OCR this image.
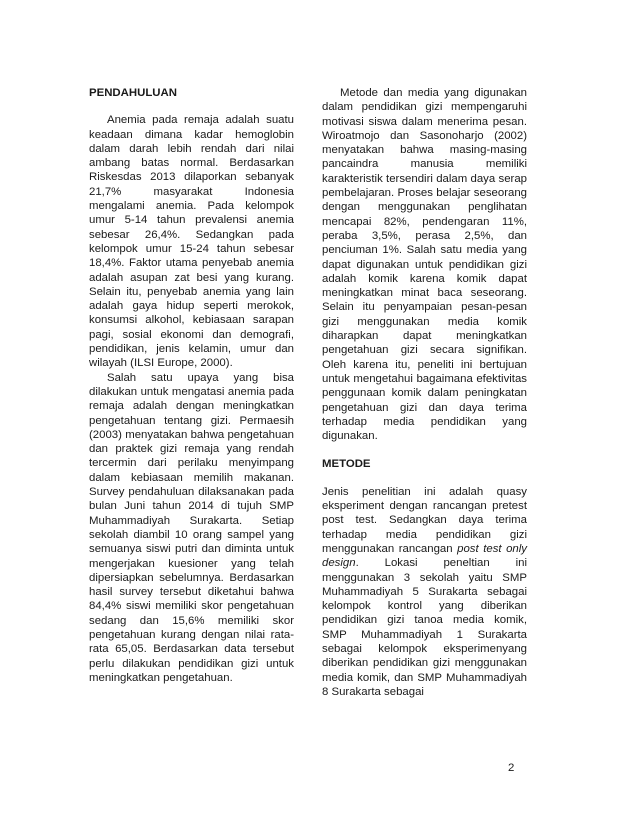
PENDAHULUAN

Anemia pada remaja adalah suatu keadaan dimana kadar hemoglobin dalam darah lebih rendah dari nilai ambang batas normal. Berdasarkan Riskesdas 2013 dilaporkan sebanyak 21,7% masyarakat Indonesia mengalami anemia. Pada kelompok umur 5-14 tahun prevalensi anemia sebesar 26,4%. Sedangkan pada kelompok umur 15-24 tahun sebesar 18,4%. Faktor utama penyebab anemia adalah asupan zat besi yang kurang. Selain itu, penyebab anemia yang lain adalah gaya hidup seperti merokok, konsumsi alkohol, kebiasaan sarapan pagi, sosial ekonomi dan demografi, pendidikan, jenis kelamin, umur dan wilayah (ILSI Europe, 2000).

Salah satu upaya yang bisa dilakukan untuk mengatasi anemia pada remaja adalah dengan meningkatkan pengetahuan tentang gizi. Permaesih (2003) menyatakan bahwa pengetahuan dan praktek gizi remaja yang rendah tercermin dari perilaku menyimpang dalam kebiasaan memilih makanan. Survey pendahuluan dilaksanakan pada bulan Juni tahun 2014 di tujuh SMP Muhammadiyah Surakarta. Setiap sekolah diambil 10 orang sampel yang semuanya siswi putri dan diminta untuk mengerjakan kuesioner yang telah dipersiapkan sebelumnya. Berdasarkan hasil survey tersebut diketahui bahwa 84,4% siswi memiliki skor pengetahuan sedang dan 15,6% memiliki skor pengetahuan kurang dengan nilai rata-rata 65,05. Berdasarkan data tersebut perlu dilakukan pendidikan gizi untuk meningkatkan pengetahuan.

Metode dan media yang digunakan dalam pendidikan gizi mempengaruhi motivasi siswa dalam menerima pesan. Wiroatmojo dan Sasonoharjo (2002) menyatakan bahwa masing-masing pancaindra manusia memiliki karakteristik tersendiri dalam daya serap pembelajaran. Proses belajar seseorang dengan menggunakan penglihatan mencapai 82%, pendengaran 11%, peraba 3,5%, perasa 2,5%, dan penciuman 1%. Salah satu media yang dapat digunakan untuk pendidikan gizi adalah komik karena komik dapat meningkatkan minat baca seseorang. Selain itu penyampaian pesan-pesan gizi menggunakan media komik diharapkan dapat meningkatkan pengetahuan gizi secara signifikan. Oleh karena itu, peneliti ini bertujuan untuk mengetahui bagaimana efektivitas penggunaan komik dalam peningkatan pengetahuan gizi dan daya terima terhadap media pendidikan yang digunakan.

METODE

Jenis penelitian ini adalah quasy eksperiment dengan rancangan pretest post test. Sedangkan daya terima terhadap media pendidikan gizi menggunakan rancangan post test only design. Lokasi peneltian ini menggunakan 3 sekolah yaitu SMP Muhammadiyah 5 Surakarta sebagai kelompok kontrol yang diberikan pendidikan gizi tanoa media komik, SMP Muhammadiyah 1 Surakarta sebagai kelompok eksperimenyang diberikan pendidikan gizi menggunakan media komik, dan SMP Muhammadiyah 8 Surakarta sebagai

2
